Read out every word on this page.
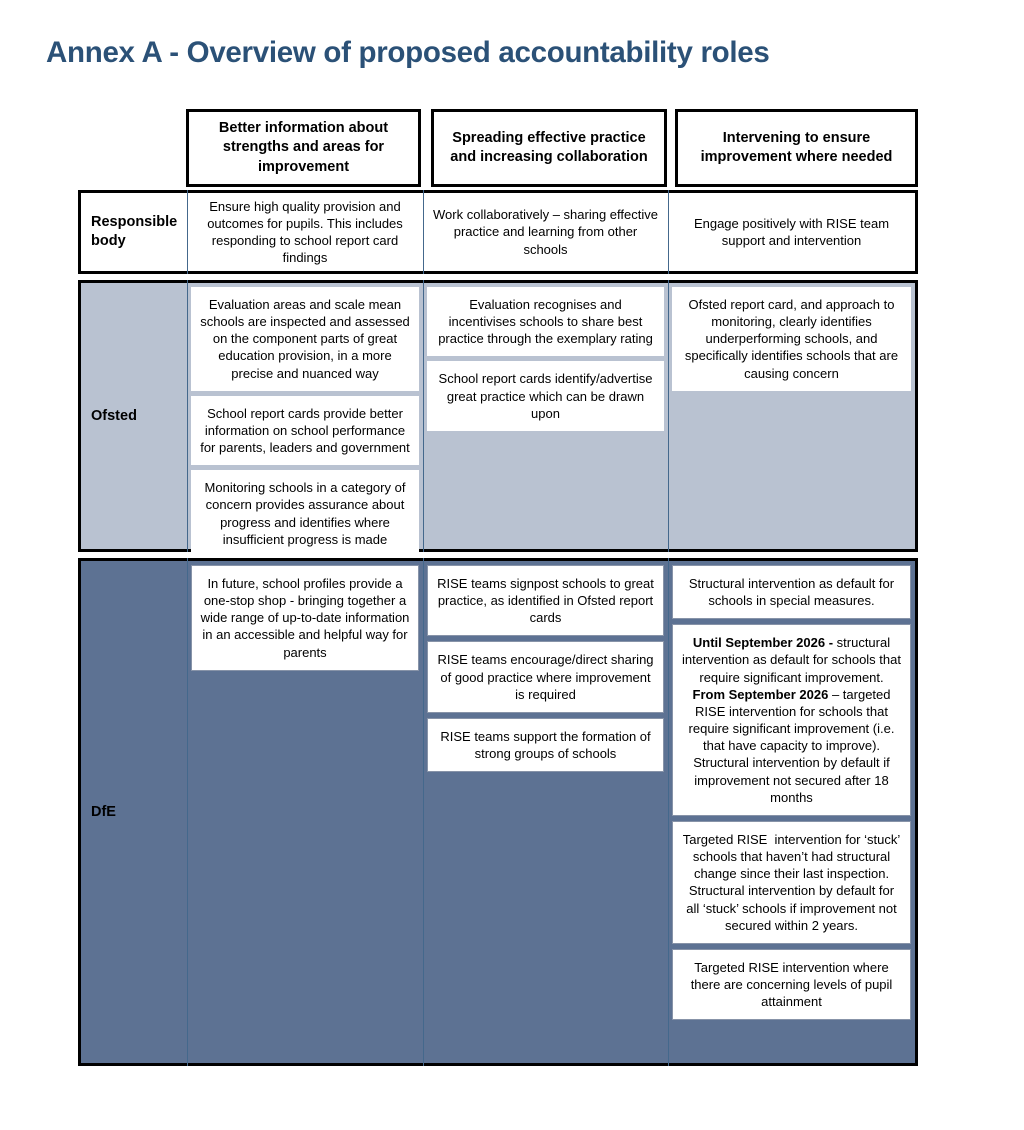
Annex A - Overview of proposed accountability roles
Better information about strengths and areas for improvement
Spreading effective practice and increasing collaboration
Intervening to ensure improvement where needed
Responsible body
Ensure high quality provision and outcomes for pupils. This includes responding to school report card findings
Work collaboratively – sharing effective practice and learning from other schools
Engage positively with RISE team support and intervention
Ofsted
Evaluation areas and scale mean schools are inspected and assessed on the component parts of great education provision, in a more precise and nuanced way
School report cards provide better information on school performance for parents, leaders and government
Monitoring schools in a category of concern provides assurance about progress and identifies where insufficient progress is made
Evaluation recognises and incentivises schools to share best practice through the exemplary rating
School report cards identify/advertise great practice which can be drawn upon
Ofsted report card, and approach to monitoring, clearly identifies underperforming schools, and specifically identifies schools that are causing concern
DfE
In future, school profiles provide a one-stop shop - bringing together a wide range of up-to-date information in an accessible and helpful way for parents
RISE teams signpost schools to great practice, as identified in Ofsted report cards
RISE teams encourage/direct sharing of good practice where improvement is required
RISE teams support the formation of strong groups of schools
Structural intervention as default for schools in special measures.
Until September 2026 - structural intervention as default for schools that require significant improvement.
From September 2026 – targeted RISE intervention for schools that require significant improvement (i.e. that have capacity to improve). Structural intervention by default if improvement not secured after 18 months
Targeted RISE  intervention for ‘stuck’ schools that haven’t had structural change since their last inspection. Structural intervention by default for all ‘stuck’ schools if improvement not secured within 2 years.
Targeted RISE intervention where there are concerning levels of pupil attainment
